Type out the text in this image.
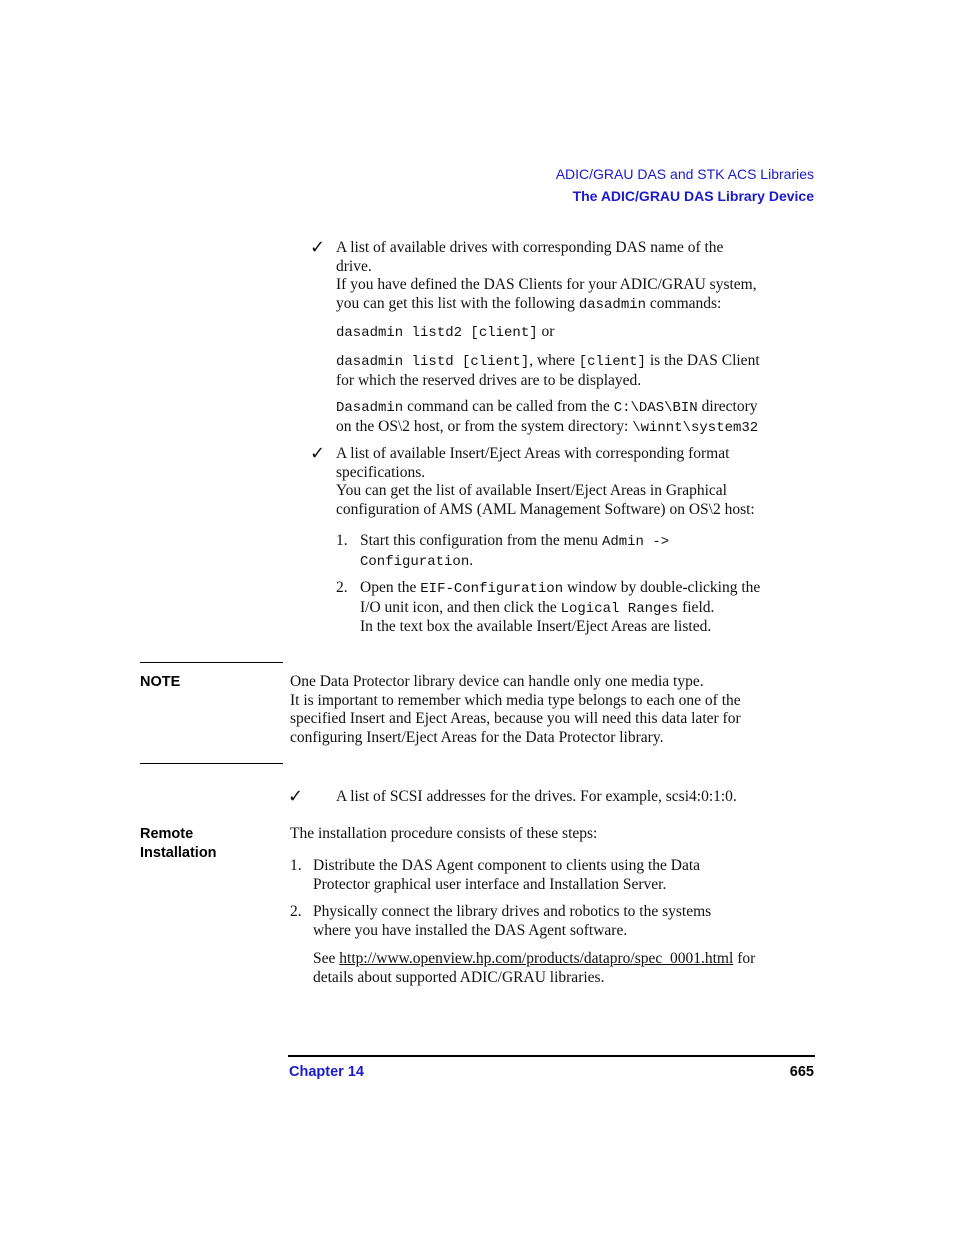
ADIC/GRAU DAS and STK ACS Libraries
The ADIC/GRAU DAS Library Device
✓ A list of available drives with corresponding DAS name of the
drive.
If you have defined the DAS Clients for your ADIC/GRAU system,
you can get this list with the following dasadmin commands:
dasadmin listd2 [client] or
dasadmin listd [client], where [client] is the DAS Client
for which the reserved drives are to be displayed.
Dasadmin command can be called from the C:\DAS\BIN directory
on the OS\2 host, or from the system directory: \winnt\system32
✓ A list of available Insert/Eject Areas with corresponding format
specifications.
You can get the list of available Insert/Eject Areas in Graphical
configuration of AMS (AML Management Software) on OS\2 host:
1. Start this configuration from the menu Admin ->
Configuration.
2. Open the EIF-Configuration window by double-clicking the
I/O unit icon, and then click the Logical Ranges field.
In the text box the available Insert/Eject Areas are listed.
NOTE	One Data Protector library device can handle only one media type.
It is important to remember which media type belongs to each one of the
specified Insert and Eject Areas, because you will need this data later for
configuring Insert/Eject Areas for the Data Protector library.
✓ A list of SCSI addresses for the drives. For example, scsi4:0:1:0.
Remote
Installation
The installation procedure consists of these steps:
1. Distribute the DAS Agent component to clients using the Data
Protector graphical user interface and Installation Server.
2. Physically connect the library drives and robotics to the systems
where you have installed the DAS Agent software.
See http://www.openview.hp.com/products/datapro/spec_0001.html for
details about supported ADIC/GRAU libraries.
Chapter 14	665
